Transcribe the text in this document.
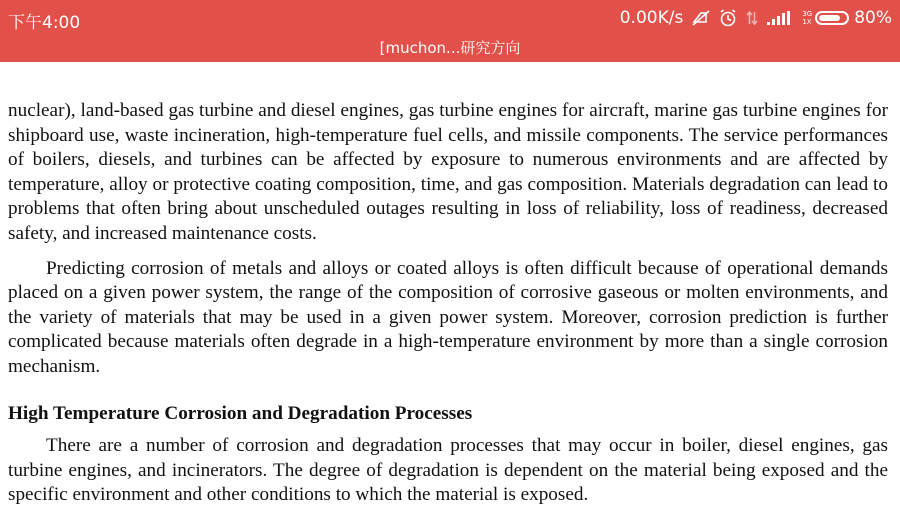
下午4:00	0.00K/s	3G
1X	80%
[muchon...研究方向

nuclear), land-based gas turbine and diesel engines, gas turbine engines for aircraft, marine gas turbine engines for shipboard use, waste incineration, high-temperature fuel cells, and missile components. The service performances of boilers, diesels, and turbines can be affected by exposure to numerous environments and are affected by temperature, alloy or protective coating composition, time, and gas composition. Materials degradation can lead to problems that often bring about unscheduled outages resulting in loss of reliability, loss of readiness, decreased safety, and increased maintenance costs.

Predicting corrosion of metals and alloys or coated alloys is often difficult because of operational demands placed on a given power system, the range of the composition of corrosive gaseous or molten environments, and the variety of materials that may be used in a given power system. Moreover, corrosion prediction is further complicated because materials often degrade in a high-temperature environment by more than a single corrosion mechanism.

High Temperature Corrosion and Degradation Processes

There are a number of corrosion and degradation processes that may occur in boiler, diesel engines, gas turbine engines, and incinerators. The degree of degradation is dependent on the material being exposed and the specific environment and other conditions to which the material is exposed.
